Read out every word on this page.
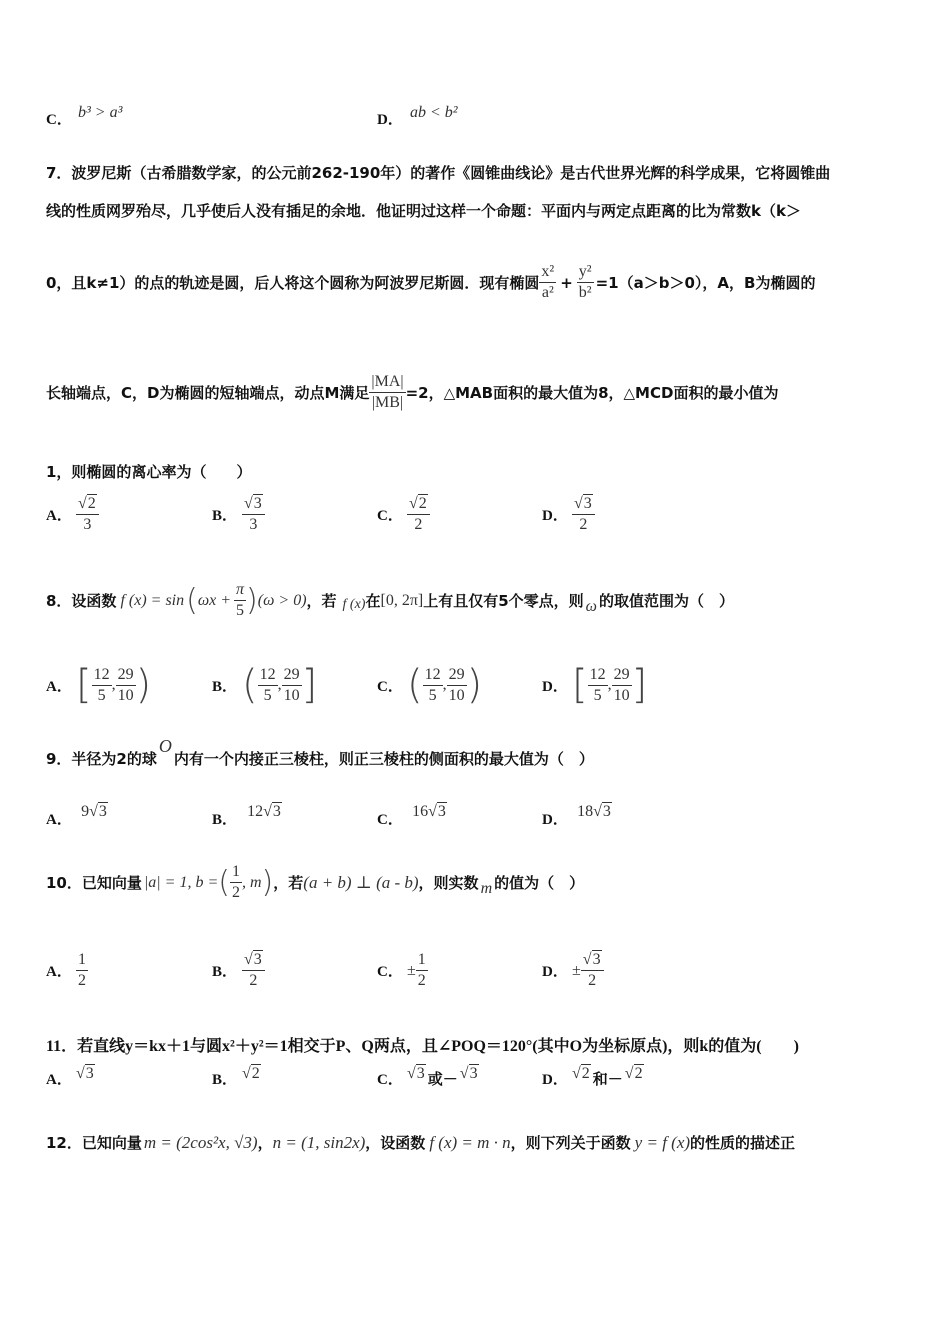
C． b³ > a³	D． ab < b²
7．波罗尼斯（古希腊数学家，的公元前262-190年）的著作《圆锥曲线论》是古代世界光辉的科学成果，它将圆锥曲
线的性质网罗殆尽，几乎使后人没有插足的余地．他证明过这样一个命题：平面内与两定点距离的比为常数k（k＞
0，且k≠1）的点的轨迹是圆，后人将这个圆称为阿波罗尼斯圆．现有椭圆 $\frac{\text{x²}}{\text{a²}} + \frac{\text{y²}}{\text{b²}} =1(a>b>0)$，A，B为椭圆的
长轴端点，C，D为椭圆的短轴端点，动点M满足 $\frac{|MA|}{|MB|} =2$，△MAB面积的最大值为8，△MCD面积的最小值为
1，则椭圆的离心率为（　　）
A． $\frac{√2}{3}$	B． $\frac{√3}{3}$	C． $\frac{√2}{2}$	D． $\frac{√3}{2}$
8．设函数 f (x) = sin ( $\omega x + \frac{\pi}{5}$ ) (ω > 0) ，若 f (x) 在 [0, 2π] 上有且仅有5个零点，则 ω 的取值范围为（　）
A． [ $\frac{12}{5}$ , $\frac{29}{10}$ )	B． ( $\frac{12}{5}$ , $\frac{29}{10}$ ]	C． ( $\frac{12}{5}$ , $\frac{29}{10}$ )	D． [ $\frac{12}{5}$ , $\frac{29}{10}$ ]
9．半径为2的球
O
内有一个内接正三棱柱，则正三棱柱的侧面积的最大值为（　）
A． 9√3	B． 12√3	C． 16√3	D． 18√3
10．已知向量 |a| = 1, b = ( $\frac{1}{2}$ , m ) ，若 (a + b) ⊥ (a - b) ，则实数 m 的值为（　）
A． $\frac{1}{2}$	B． $\frac{√3}{2}$	C． ± $\frac{1}{2}$	D． ± $\frac{√3}{2}$
11．若直线y＝kx＋1与圆x²＋y²＝1相交于P、Q两点，且∠POQ＝120°(其中O为坐标原点)，则k的值为(　　)
A． √3	B． √2	C． √3 或－ √3	D． √2 和－ √2
12．已知向量 m = (2cos²x, √3) ， n = (1, sin2x) ，设函数 f (x) = m · n ，则下列关于函数 y = f (x) 的性质的描述正
